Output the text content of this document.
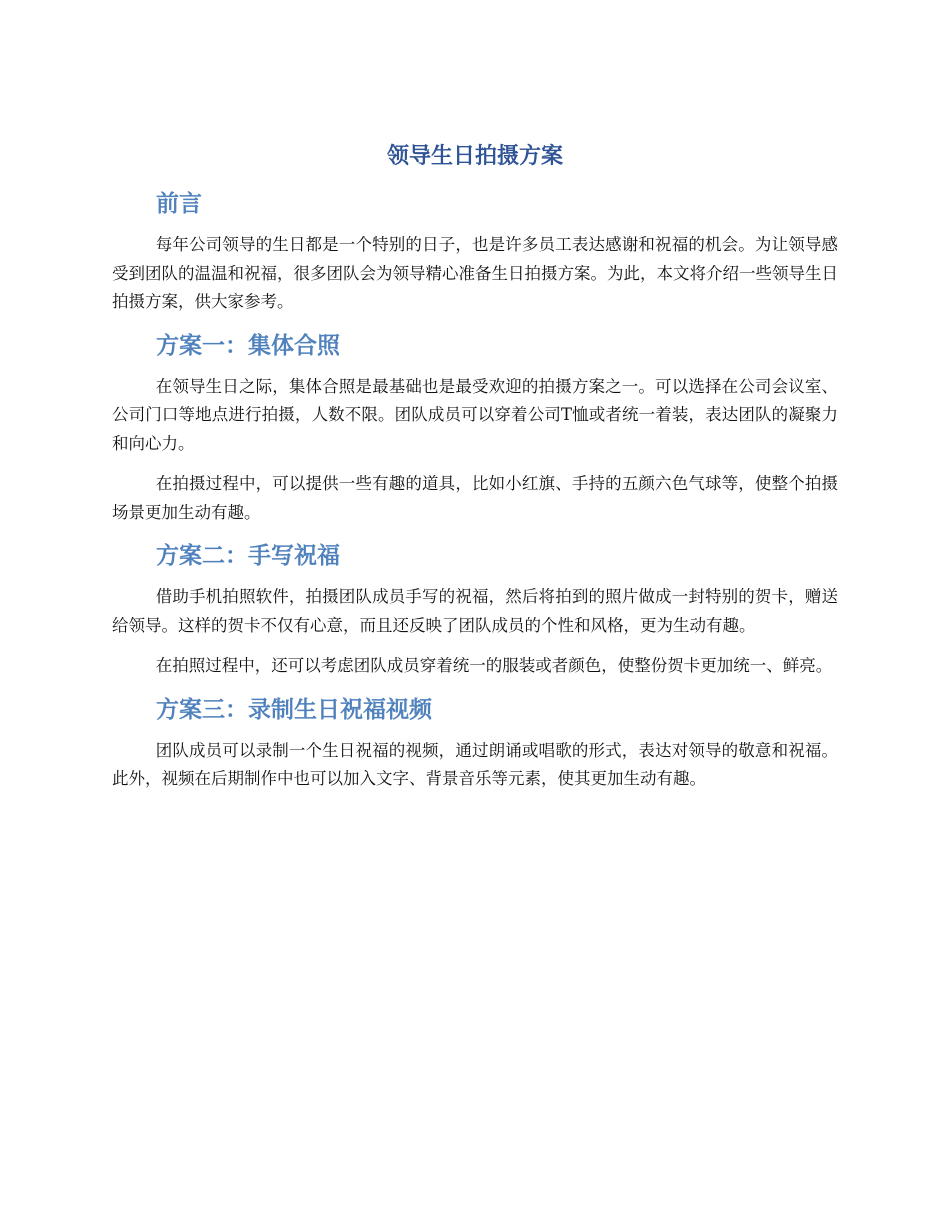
领导生日拍摄方案
前言

每年公司领导的生日都是一个特别的日子，也是许多员工表达感谢和祝福的机会。为让领导感受到团队的温温和祝福，很多团队会为领导精心准备生日拍摄方案。为此，本文将介绍一些领导生日拍摄方案，供大家参考。

方案一：集体合照

在领导生日之际，集体合照是最基础也是最受欢迎的拍摄方案之一。可以选择在公司会议室、公司门口等地点进行拍摄，人数不限。团队成员可以穿着公司T恤或者统一着装，表达团队的凝聚力和向心力。

在拍摄过程中，可以提供一些有趣的道具，比如小红旗、手持的五颜六色气球等，使整个拍摄场景更加生动有趣。

方案二：手写祝福

借助手机拍照软件，拍摄团队成员手写的祝福，然后将拍到的照片做成一封特别的贺卡，赠送给领导。这样的贺卡不仅有心意，而且还反映了团队成员的个性和风格，更为生动有趣。

在拍照过程中，还可以考虑团队成员穿着统一的服装或者颜色，使整份贺卡更加统一、鲜亮。

方案三：录制生日祝福视频

团队成员可以录制一个生日祝福的视频，通过朗诵或唱歌的形式，表达对领导的敬意和祝福。此外，视频在后期制作中也可以加入文字、背景音乐等元素，使其更加生动有趣。
